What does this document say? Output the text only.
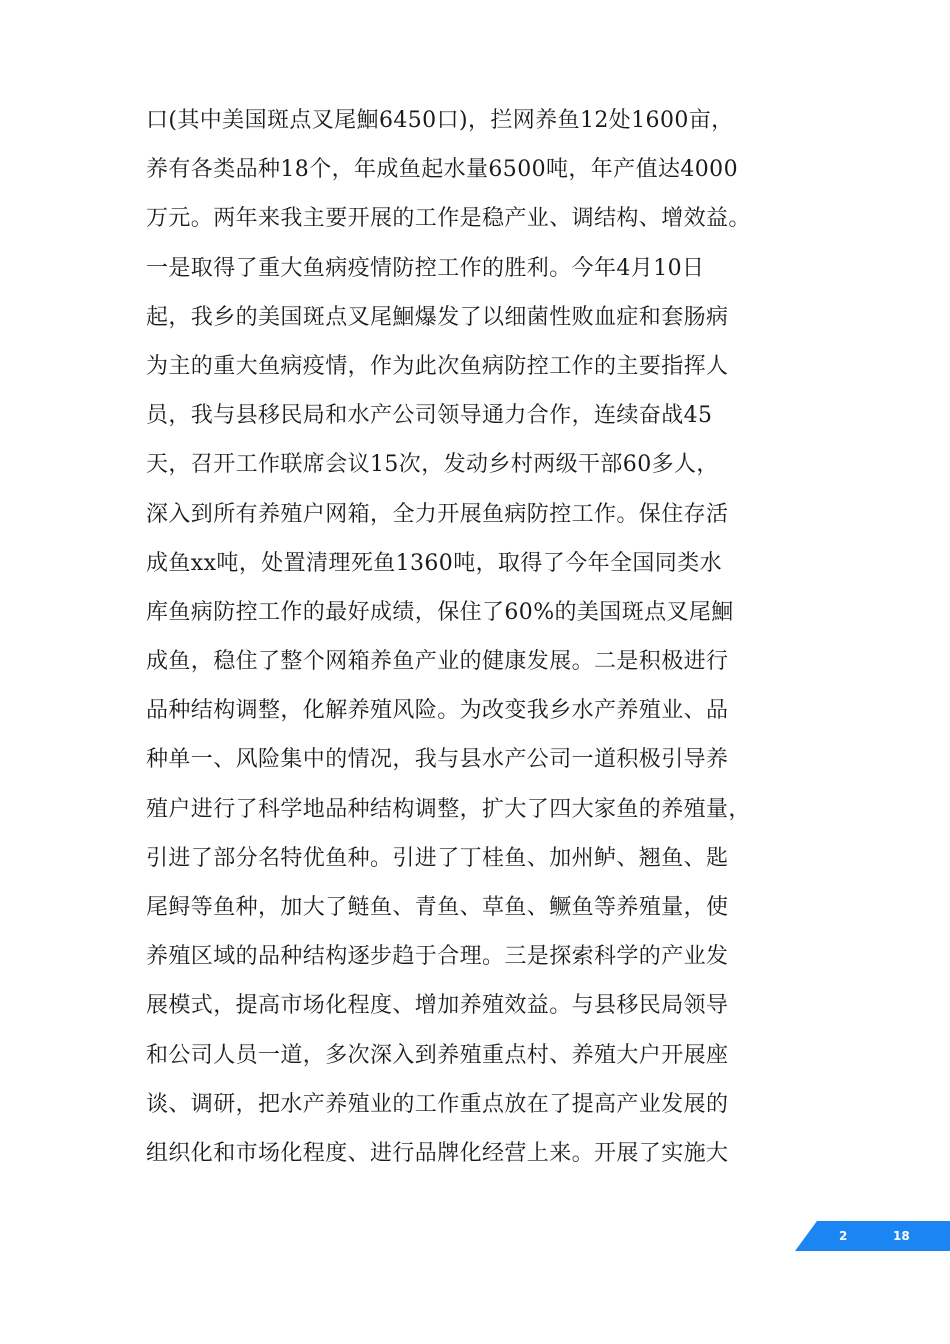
口(其中美国斑点叉尾鮰6450口)，拦网养鱼12处1600亩，
养有各类品种18个，年成鱼起水量6500吨，年产值达4000
万元。两年来我主要开展的工作是稳产业、调结构、增效益。
一是取得了重大鱼病疫情防控工作的胜利。今年4月10日
起，我乡的美国斑点叉尾鮰爆发了以细菌性败血症和套肠病
为主的重大鱼病疫情，作为此次鱼病防控工作的主要指挥人
员，我与县移民局和水产公司领导通力合作，连续奋战45
天，召开工作联席会议15次，发动乡村两级干部60多人，
深入到所有养殖户网箱，全力开展鱼病防控工作。保住存活
成鱼xx吨，处置清理死鱼1360吨，取得了今年全国同类水
库鱼病防控工作的最好成绩，保住了60%的美国斑点叉尾鮰
成鱼，稳住了整个网箱养鱼产业的健康发展。二是积极进行
品种结构调整，化解养殖风险。为改变我乡水产养殖业、品
种单一、风险集中的情况，我与县水产公司一道积极引导养
殖户进行了科学地品种结构调整，扩大了四大家鱼的养殖量，
引进了部分名特优鱼种。引进了丁桂鱼、加州鲈、翘鱼、匙
尾鲟等鱼种，加大了鲢鱼、青鱼、草鱼、鳜鱼等养殖量，使
养殖区域的品种结构逐步趋于合理。三是探索科学的产业发
展模式，提高市场化程度、增加养殖效益。与县移民局领导
和公司人员一道，多次深入到养殖重点村、养殖大户开展座
谈、调研，把水产养殖业的工作重点放在了提高产业发展的
组织化和市场化程度、进行品牌化经营上来。开展了实施大
2	18
